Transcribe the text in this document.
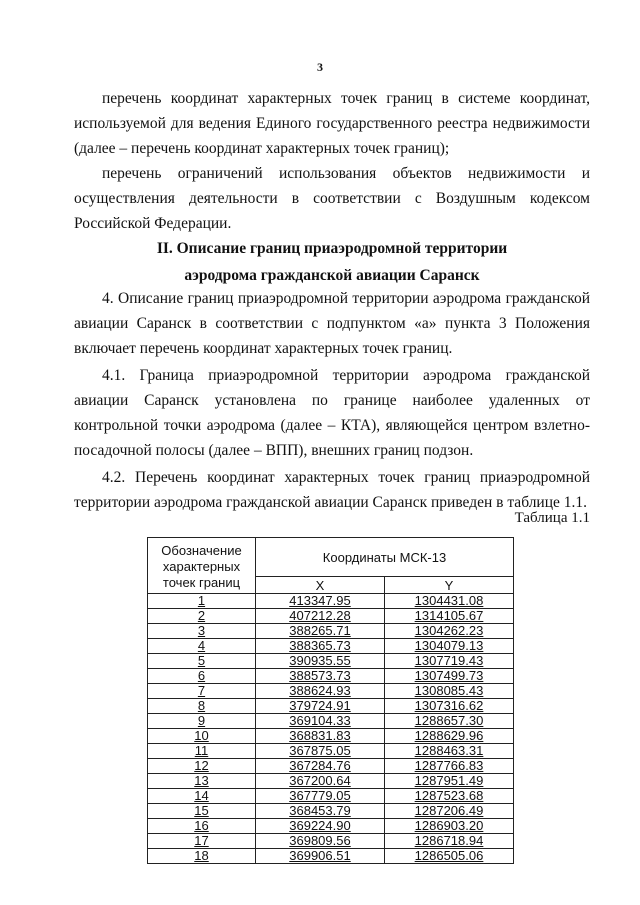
3

перечень координат характерных точек границ в системе координат, используемой для ведения Единого государственного реестра недвижимости (далее – перечень координат характерных точек границ);

перечень ограничений использования объектов недвижимости и осуществления деятельности в соответствии с Воздушным кодексом Российской Федерации.

II. Описание границ приаэродромной территории

аэродрома гражданской авиации Саранск

4. Описание границ приаэродромной территории аэродрома гражданской авиации Саранск в соответствии с подпунктом «а» пункта 3 Положения включает перечень координат характерных точек границ.

4.1. Граница приаэродромной территории аэродрома гражданской авиации Саранск установлена по границе наиболее удаленных от контрольной точки аэродрома (далее – КТА), являющейся центром взлетно-посадочной полосы (далее – ВПП), внешних границ подзон.

4.2. Перечень координат характерных точек границ приаэродромной территории аэродрома гражданской авиации Саранск приведен в таблице 1.1.

Таблица 1.1
Обозначение характерных точек границ	Координаты МСК-13	
	X	Y
1	413347.95	1304431.08
2	407212.28	1314105.67
3	388265.71	1304262.23
4	388365.73	1304079.13
5	390935.55	1307719.43
6	388573.73	1307499.73
7	388624.93	1308085.43
8	379724.91	1307316.62
9	369104.33	1288657.30
10	368831.83	1288629.96
11	367875.05	1288463.31
12	367284.76	1287766.83
13	367200.64	1287951.49
14	367779.05	1287523.68
15	368453.79	1287206.49
16	369224.90	1286903.20
17	369809.56	1286718.94
18	369906.51	1286505.06
